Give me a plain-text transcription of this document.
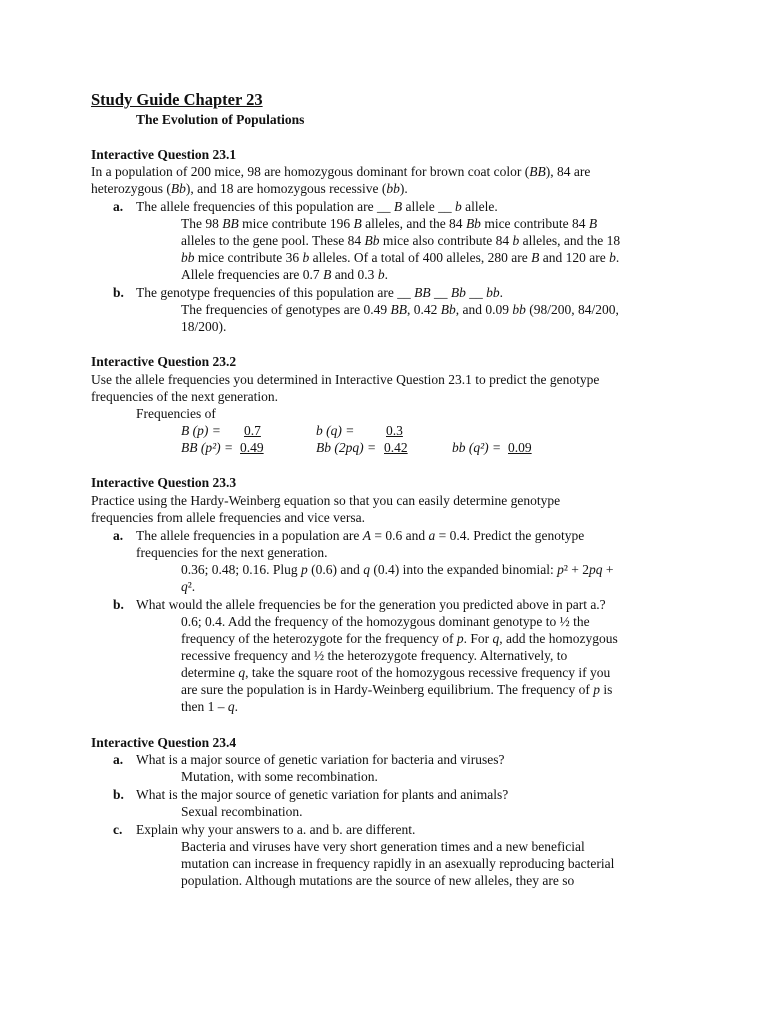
Study Guide Chapter 23
The Evolution of Populations
Interactive Question 23.1
In a population of 200 mice, 98 are homozygous dominant for brown coat color (BB), 84 are
heterozygous (Bb), and 18 are homozygous recessive (bb).
a. The allele frequencies of this population are __ B allele __ b allele.
The 98 BB mice contribute 196 B alleles, and the 84 Bb mice contribute 84 B
alleles to the gene pool. These 84 Bb mice also contribute 84 b alleles, and the 18
bb mice contribute 36 b alleles. Of a total of 400 alleles, 280 are B and 120 are b.
Allele frequencies are 0.7 B and 0.3 b.
b. The genotype frequencies of this population are __ BB __ Bb __ bb.
The frequencies of genotypes are 0.49 BB, 0.42 Bb, and 0.09 bb (98/200, 84/200,
18/200).
Interactive Question 23.2
Use the allele frequencies you determined in Interactive Question 23.1 to predict the genotype
frequencies of the next generation.
Frequencies of
B (p) = 0.7	b (q) = 0.3
BB (p²) = 0.49	Bb (2pq) = 0.42	bb (q²) = 0.09
Interactive Question 23.3
Practice using the Hardy-Weinberg equation so that you can easily determine genotype
frequencies from allele frequencies and vice versa.
a. The allele frequencies in a population are A = 0.6 and a = 0.4. Predict the genotype
frequencies for the next generation.
0.36; 0.48; 0.16. Plug p (0.6) and q (0.4) into the expanded binomial: p² + 2pq +
q².
b. What would the allele frequencies be for the generation you predicted above in part a.?
0.6; 0.4. Add the frequency of the homozygous dominant genotype to ½ the
frequency of the heterozygote for the frequency of p. For q, add the homozygous
recessive frequency and ½ the heterozygote frequency. Alternatively, to
determine q, take the square root of the homozygous recessive frequency if you
are sure the population is in Hardy-Weinberg equilibrium. The frequency of p is
then 1 – q.
Interactive Question 23.4
a. What is a major source of genetic variation for bacteria and viruses?
Mutation, with some recombination.
b. What is the major source of genetic variation for plants and animals?
Sexual recombination.
c. Explain why your answers to a. and b. are different.
Bacteria and viruses have very short generation times and a new beneficial
mutation can increase in frequency rapidly in an asexually reproducing bacterial
population. Although mutations are the source of new alleles, they are so
